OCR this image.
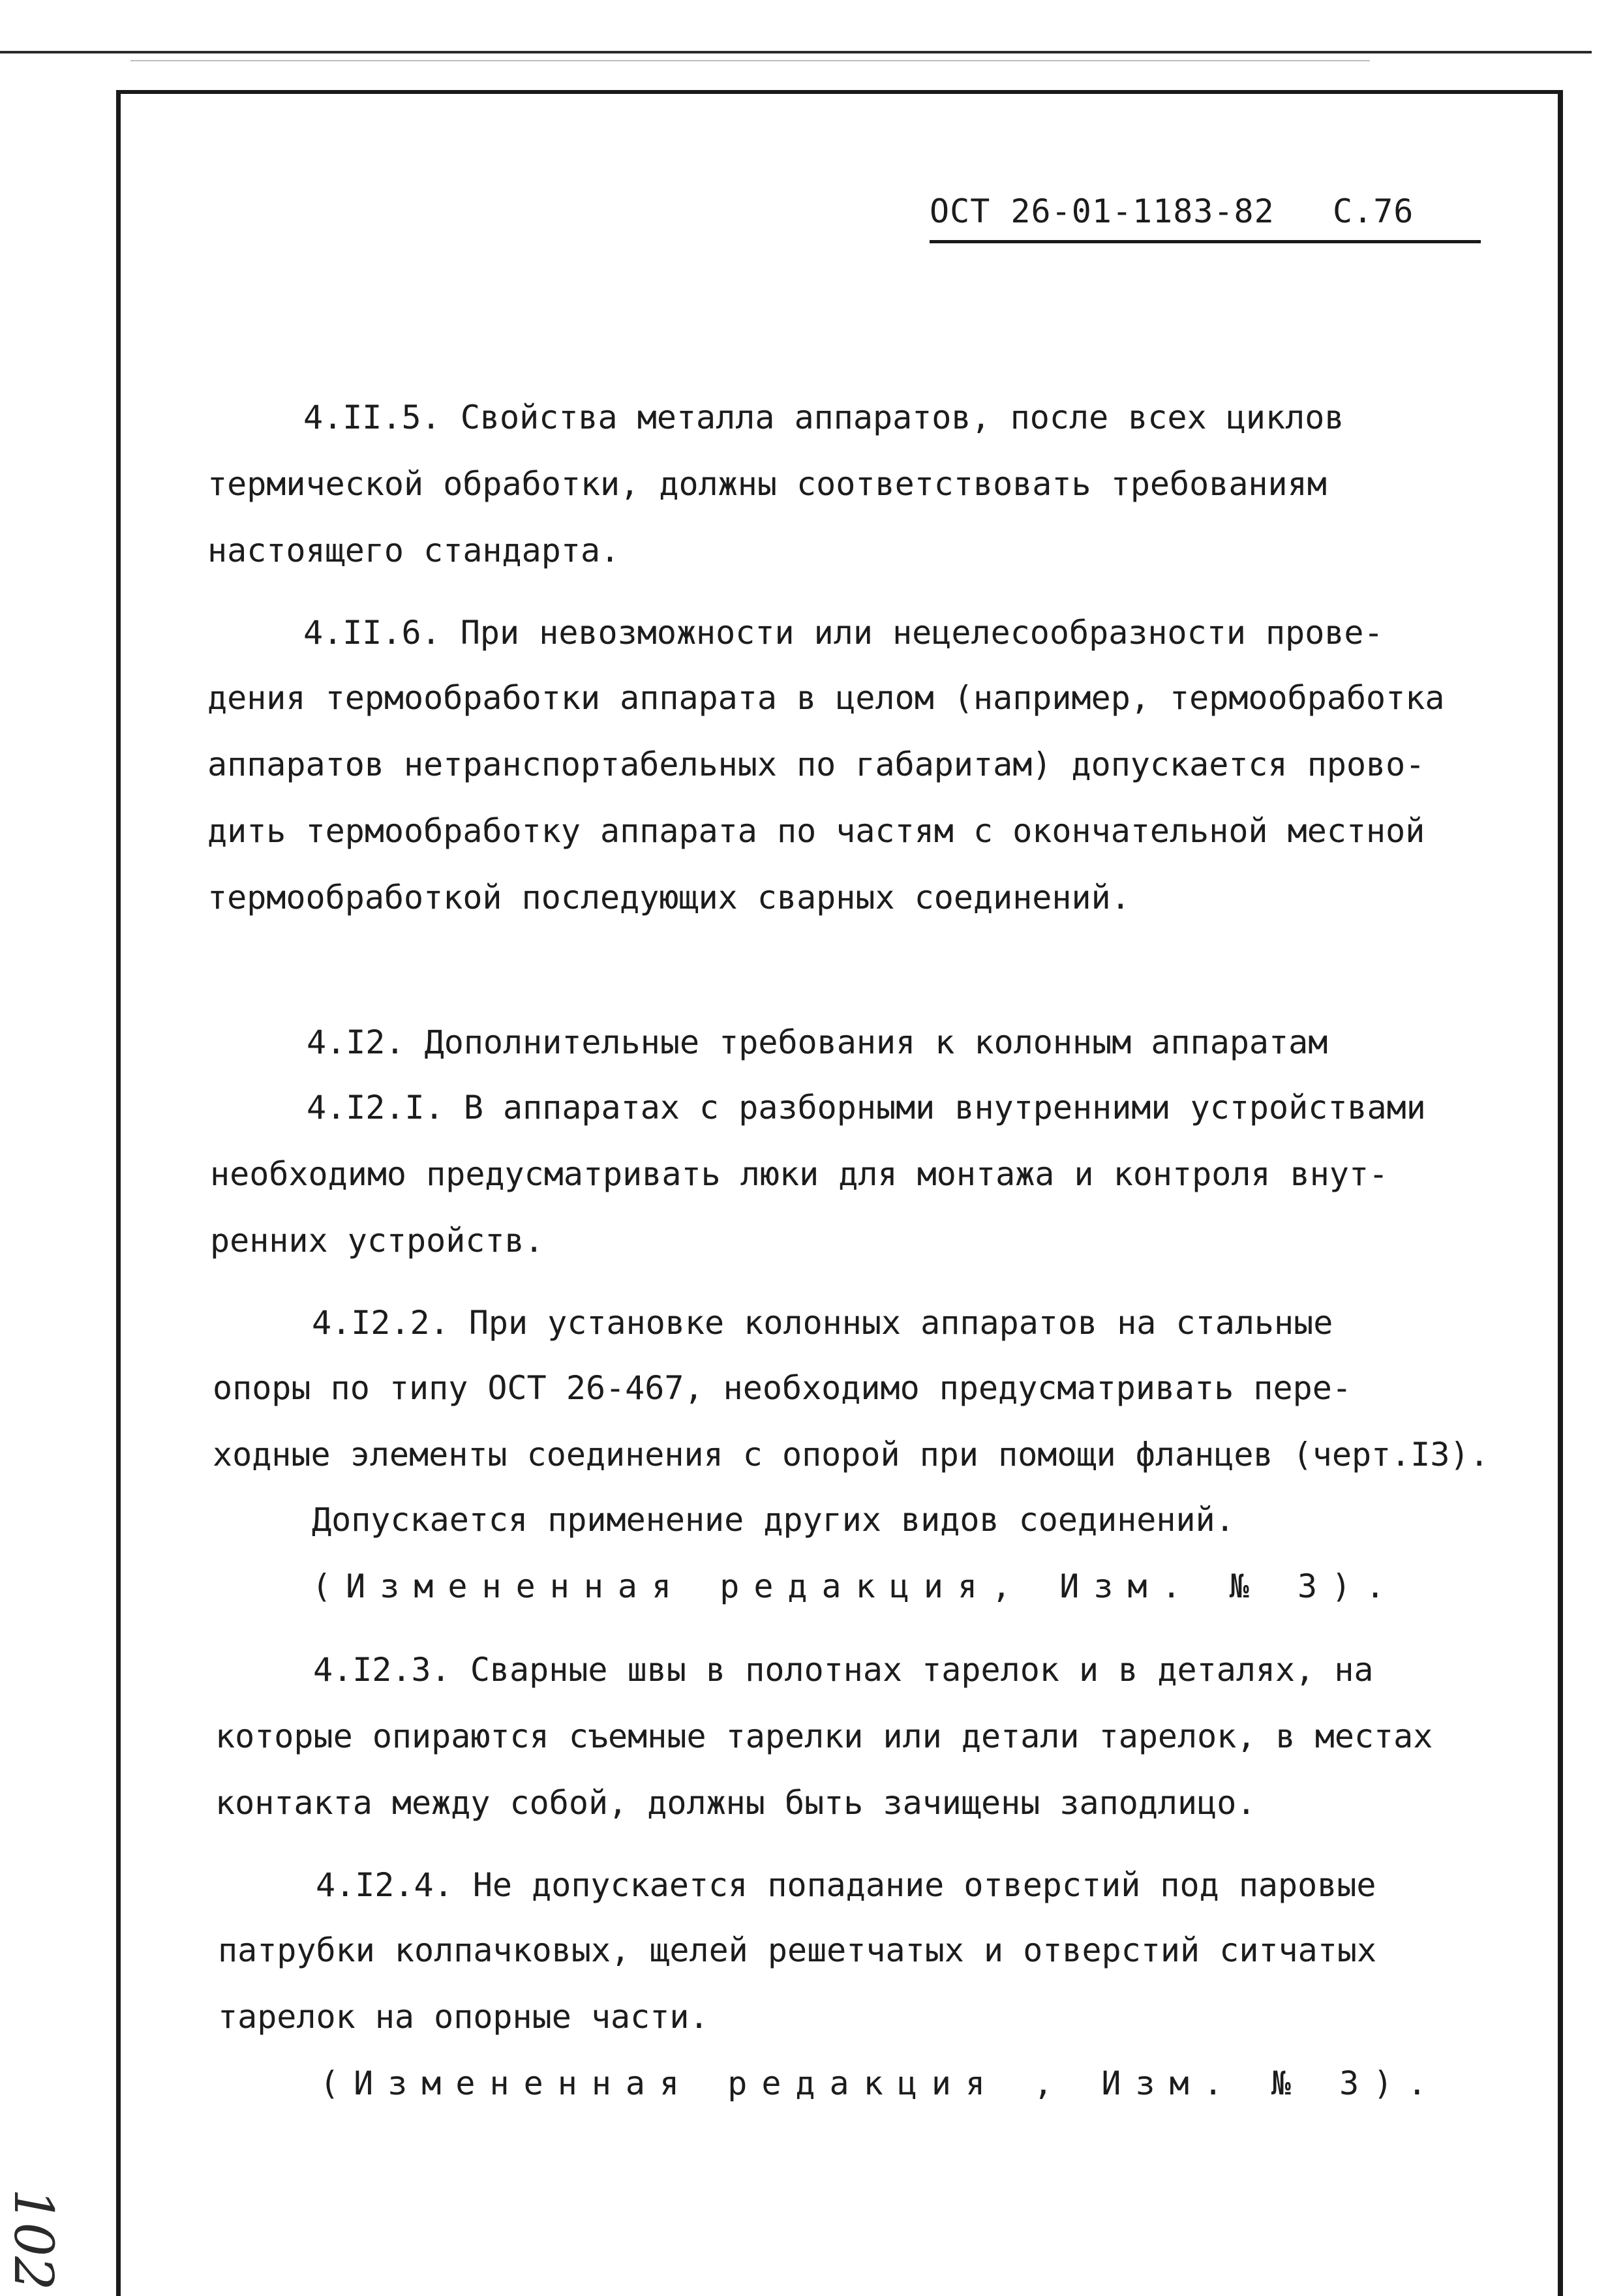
ОСТ 26-01-1183-82 С.76
4.II.5. Свойства металла аппаратов, после всех циклов
термической обработки, должны соответствовать требованиям
настоящего стандарта.
4.II.6. При невозможности или нецелесообразности прове-
дения термообработки аппарата в целом (например, термообработка
аппаратов нетранспортабельных по габаритам) допускается прово-
дить термообработку аппарата по частям с окончательной местной
термообработкой последующих сварных соединений.
4.I2. Дополнительные требования к колонным аппаратам
4.I2.I. В аппаратах с разборными внутренними устройствами
необходимо предусматривать люки для монтажа и контроля внут-
ренних устройств.
4.I2.2. При установке колонных аппаратов на стальные
опоры по типу ОСТ 26-467, необходимо предусматривать пере-
ходные элементы соединения с опорой при помощи фланцев (черт.I3).
Допускается применение других видов соединений.
(Измененная редакция, Изм. № 3).
4.I2.3. Сварные швы в полотнах тарелок и в деталях, на
которые опираются съемные тарелки или детали тарелок, в местах
контакта между собой, должны быть зачищены заподлицо.
4.I2.4. Не допускается попадание отверстий под паровые
патрубки колпачковых, щелей решетчатых и отверстий ситчатых
тарелок на опорные части.
(Измененная редакция , Изм. № 3).
102
